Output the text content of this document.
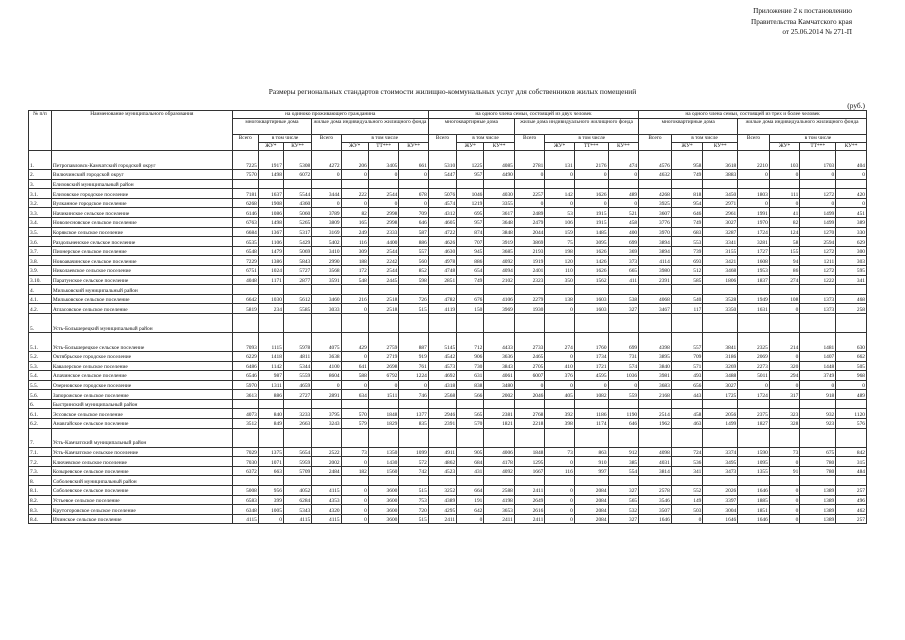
Приложение 2 к постановлению
Правительства Камчатского края
от 25.06.2014 № 271-П
Размеры региональных стандартов стоимости жилищно-коммунальных услуг для собственников жилых помещений
(руб.)
№ п/п	Наименование муниципального образования	на одиноко проживающего гражданина							на одного члена семьи, состоящей из двух человек							на одного члена семьи, состоящей из трех и более человек						
		многоквартирные дома			жилые дома индивидуального жилищного фонда				многоквартирные дома			жилые дома индивидуального жилищного фонда				многоквартирные дома			жилые дома индивидуального жилищного фонда			
		Всего	в том числе		Всего	в том числе			Всего	в том числе		Всего	в том числе			Всего	в том числе		Всего	в том числе		
			ЖУ*	КУ**		ЖУ*	ТТ***	КУ**		ЖУ*	КУ**		ЖУ*	ТТ***	КУ**		ЖУ*	КУ**		ЖУ*	ТТ***	КУ**
1.	Петропавловск-Камчатский городской округ	7225	1917	5308	4272	206	3405	661	5310	1225	4085	2781	131	2176	474	4576	958	3618	2210	103	1703	404
2.	Вилючинский городской округ	7570	1498	6072	0	0	0	0	5447	957	4490	0	0	0	0	4632	749	3883	0	0	0	0
3.	Елизовский муниципальный район																					
3.1.	Елизовское городское поселение	7181	1637	5544	3444	222	2544	678	5076	1046	4030	2257	142	1626	489	4268	818	3450	1803	111	1272	420
3.2.	Вулканное городское поселение	6268	1908	4360	0	0	0	0	4574	1219	3355	0	0	0	0	3925	954	2971	0	0	0	0
3.3.	Начикинское сельское поселение	6146	1086	5060	3789	82	2998	709	4312	695	3617	2489	53	1915	521	3607	646	2961	1991	41	1499	451
3.4.	Новолесновское сельское поселение	6763	1498	5265	3809	165	2998	646	4605	957	3648	2479	106	1915	458	3776	749	3027	1970	82	1499	389
3.5.	Корякское сельское поселение	6684	1367	5317	3169	249	2333	587	4722	874	3848	2044	159	1485	400	3970	683	3287	1724	124	1270	330
3.6.	Раздольненское сельское поселение	6535	1106	5429	5402	116	4400	886	4626	707	3919	3869	75	3095	699	3894	553	3341	3281	58	2594	629
3.7.	Пионерское сельское поселение	6548	1479	5069	3410	309	2544	557	4630	945	3685	2193	198	1626	369	3894	739	3155	1727	155	1272	300
3.8.	Новоавачинское сельское поселение	7229	1386	5843	2990	188	2242	560	4978	886	4092	1919	120	1426	373	4114	693	3421	1608	94	1211	303
3.9.	Николаевское сельское поселение	6751	1024	5727	3568	172	2544	852	4748	654	4094	2401	110	1626	665	3980	512	3468	1953	86	1272	595
3.10.	Паратунское сельское поселение	4048	1171	2877	3591	548	2445	598	2851	749	2102	2323	350	1562	411	2391	585	1806	1837	274	1222	341
4.	Мильковский муниципальный район																					
4.1.	Мильковское сельское поселение	6642	1030	5612	3460	216	2518	726	4782	676	4106	2279	138	1603	538	4068	540	3528	1949	108	1373	468
4.2.	Атласовское сельское поселение	5819	234	5585	3033	0	2518	515	4119	150	3969	1930	0	1603	327	3467	117	3350	1631	0	1373	258
5.	Усть-Большерецкий муниципальный район																					
5.1.	Усть-Большерецкое сельское поселение	7093	1115	5978	4075	429	2759	887	5145	712	4433	2733	274	1760	699	4398	557	3841	2325	214	1481	630
5.2.	Октябрьское городское поселение	6229	1418	4811	3638	0	2719	919	4542	906	3636	2465	0	1734	731	3895	709	3186	2069	0	1407	662
5.3.	Кавалерское сельское поселение	6486	1142	5344	4100	641	2698	761	4573	730	3843	2705	410	1721	574	3840	571	3269	2273	320	1448	505
5.4.	Апачинское сельское поселение	6546	987	5559	8604	588	6792	1224	4692	631	4061	6007	376	4595	1036	3981	493	3488	5011	294	3749	968
5.5.	Озерновское городское поселение	5970	1311	4659	0	0	0	0	4318	838	3480	0	0	0	0	3683	656	3027	0	0	0	0
5.6.	Запорожское сельское поселение	3613	886	2727	2891	634	1511	746	2568	566	2002	2046	405	1082	559	2168	443	1725	1724	317	918	489
6.	Быстринский муниципальный район																					
6.1.	Эссовское сельское поселение	4073	840	3233	3795	570	1848	1377	2946	565	2381	2768	392	1186	1190	2514	458	2056	2375	323	932	1120
6.2.	Анавгайское сельское поселение	3512	849	2663	3243	579	1829	835	2391	570	1821	2218	398	1174	646	1962	463	1499	1827	328	923	576
7.	Усть-Камчатский муниципальный район																					
7.1.	Усть-Камчатское сельское поселение	7029	1375	5654	2522	73	1350	1099	4911	905	4006	1848	73	863	912	4098	724	3374	1590	73	675	842
7.2.	Ключевское сельское поселение	7030	1071	5959	2002	0	1430	572	4862	684	4178	1295	0	910	385	4031	536	3495	1095	0	780	315
7.3.	Козыревское сельское поселение	6372	663	5709	2484	182	1560	742	4523	431	4092	1667	116	997	554	3814	341	3473	1355	91	780	484
8.	Соболевский муниципальный район																					
8.1.	Соболевское сельское поселение	5008	956	4052	4115	0	3600	515	3252	664	2588	2411	0	2084	327	2578	552	2026	1646	0	1389	257
8.2.	Устьевое сельское поселение	6583	399	6284	4353	0	3600	753	4389	191	4198	2649	0	2084	565	3546	149	3397	1885	0	1389	496
8.3.	Крутогоровское сельское поселение	6348	1005	5343	4320	0	3600	720	4295	642	3653	2616	0	2084	532	3507	503	3004	1851	0	1389	462
8.4.	Ичинское сельское поселение	4115	0	4115	4115	0	3600	515	2411	0	2411	2411	0	2084	327	1646	0	1646	1646	0	1389	257
